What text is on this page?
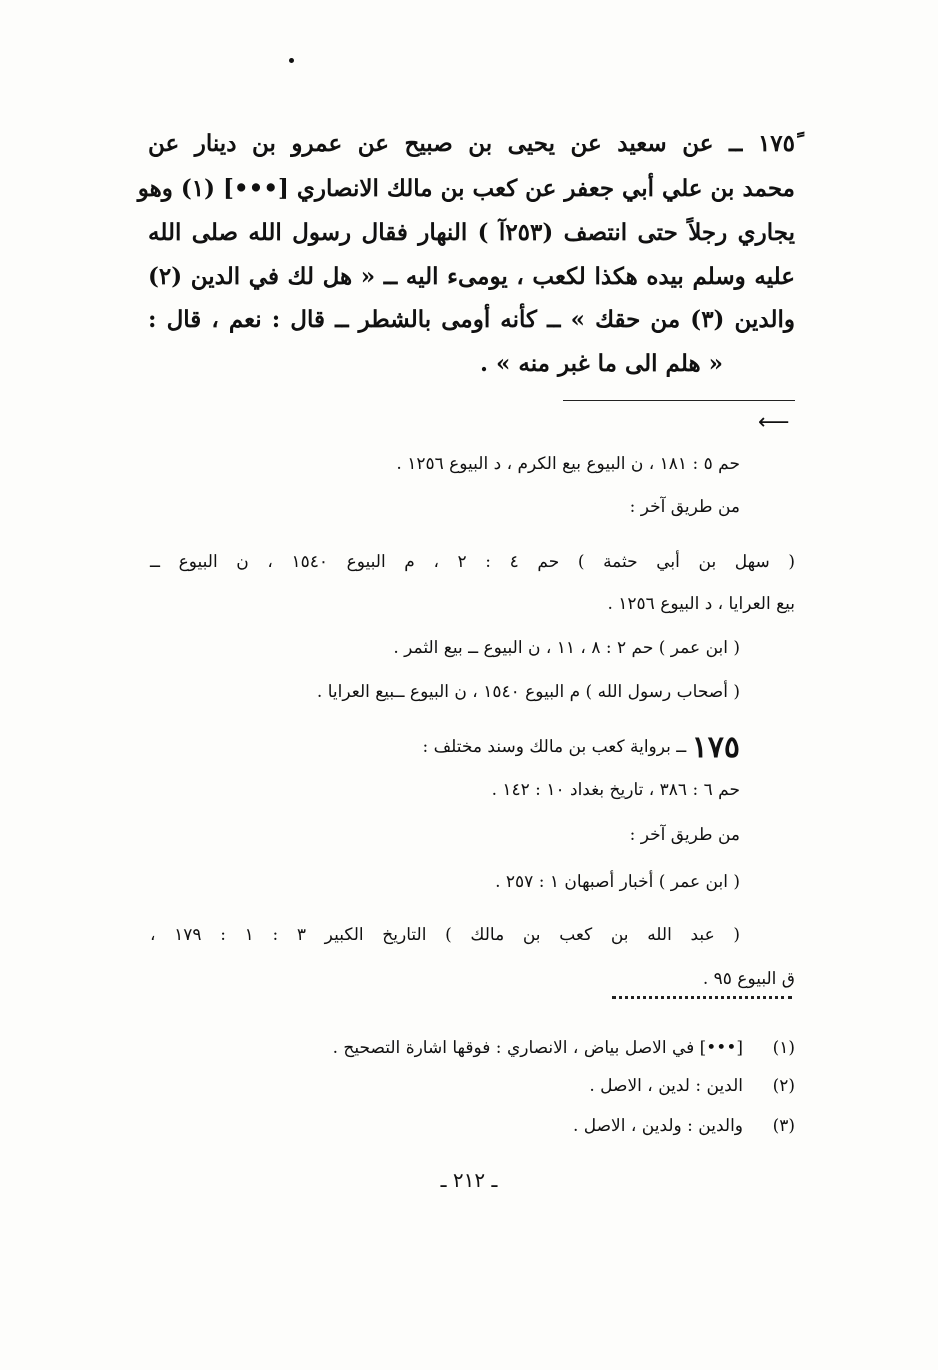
١٧٥ً ــ عن سعيد عن يحيى بن صبيح عن عمرو بن دينار عن
محمد بن علي أبي جعفر عن كعب بن مالك الانصاري [•••] (١) وهو
يجاري رجلاً حتى انتصف (٢٥٣آ ) النهار فقال رسول الله صلى الله
عليه وسلم بيده هكذا لكعب ، يومىء اليه ــ « هل لك في الدين (٢)
والدين (٣) من حقك » ــ كأنه أومى بالشطر ــ قال : نعم ، قال :
« هلم الى ما غبر منه » .
⟵
حم ٥ : ١٨١ ، ن البيوع بيع الكرم ، د البيوع ١٢٥٦ .
من طريق آخر :
( سهل بن أبي حثمة ) حم ٤ : ٢ ، م البيوع ١٥٤٠ ، ن البيوع ــ
بيع العرايا ، د البيوع ١٢٥٦ .
( ابن عمر ) حم ٢ : ٨ ، ١١ ، ن البيوع ــ بيع الثمر .
( أصحاب رسول الله ) م البيوع ١٥٤٠ ، ن البيوع ــبيع العرايا .
١٧٥ ــ برواية كعب بن مالك وسند مختلف :
حم ٦ : ٣٨٦ ، تاريخ بغداد ١٠ : ١٤٢ .
من طريق آخر :
( ابن عمر ) أخبار أصبهان ١ : ٢٥٧ .
( عبد الله بن كعب بن مالك ) التاريخ الكبير ٣ : ١ : ١٧٩ ،
ق البيوع ٩٥ .
(١)
[•••] في الاصل بياض ، الانصاري : فوقها اشارة التصحيح .
(٢)
الدين : لدين ، الاصل .
(٣)
والدين : ولدين ، الاصل .
ـ ٢١٢ ـ
